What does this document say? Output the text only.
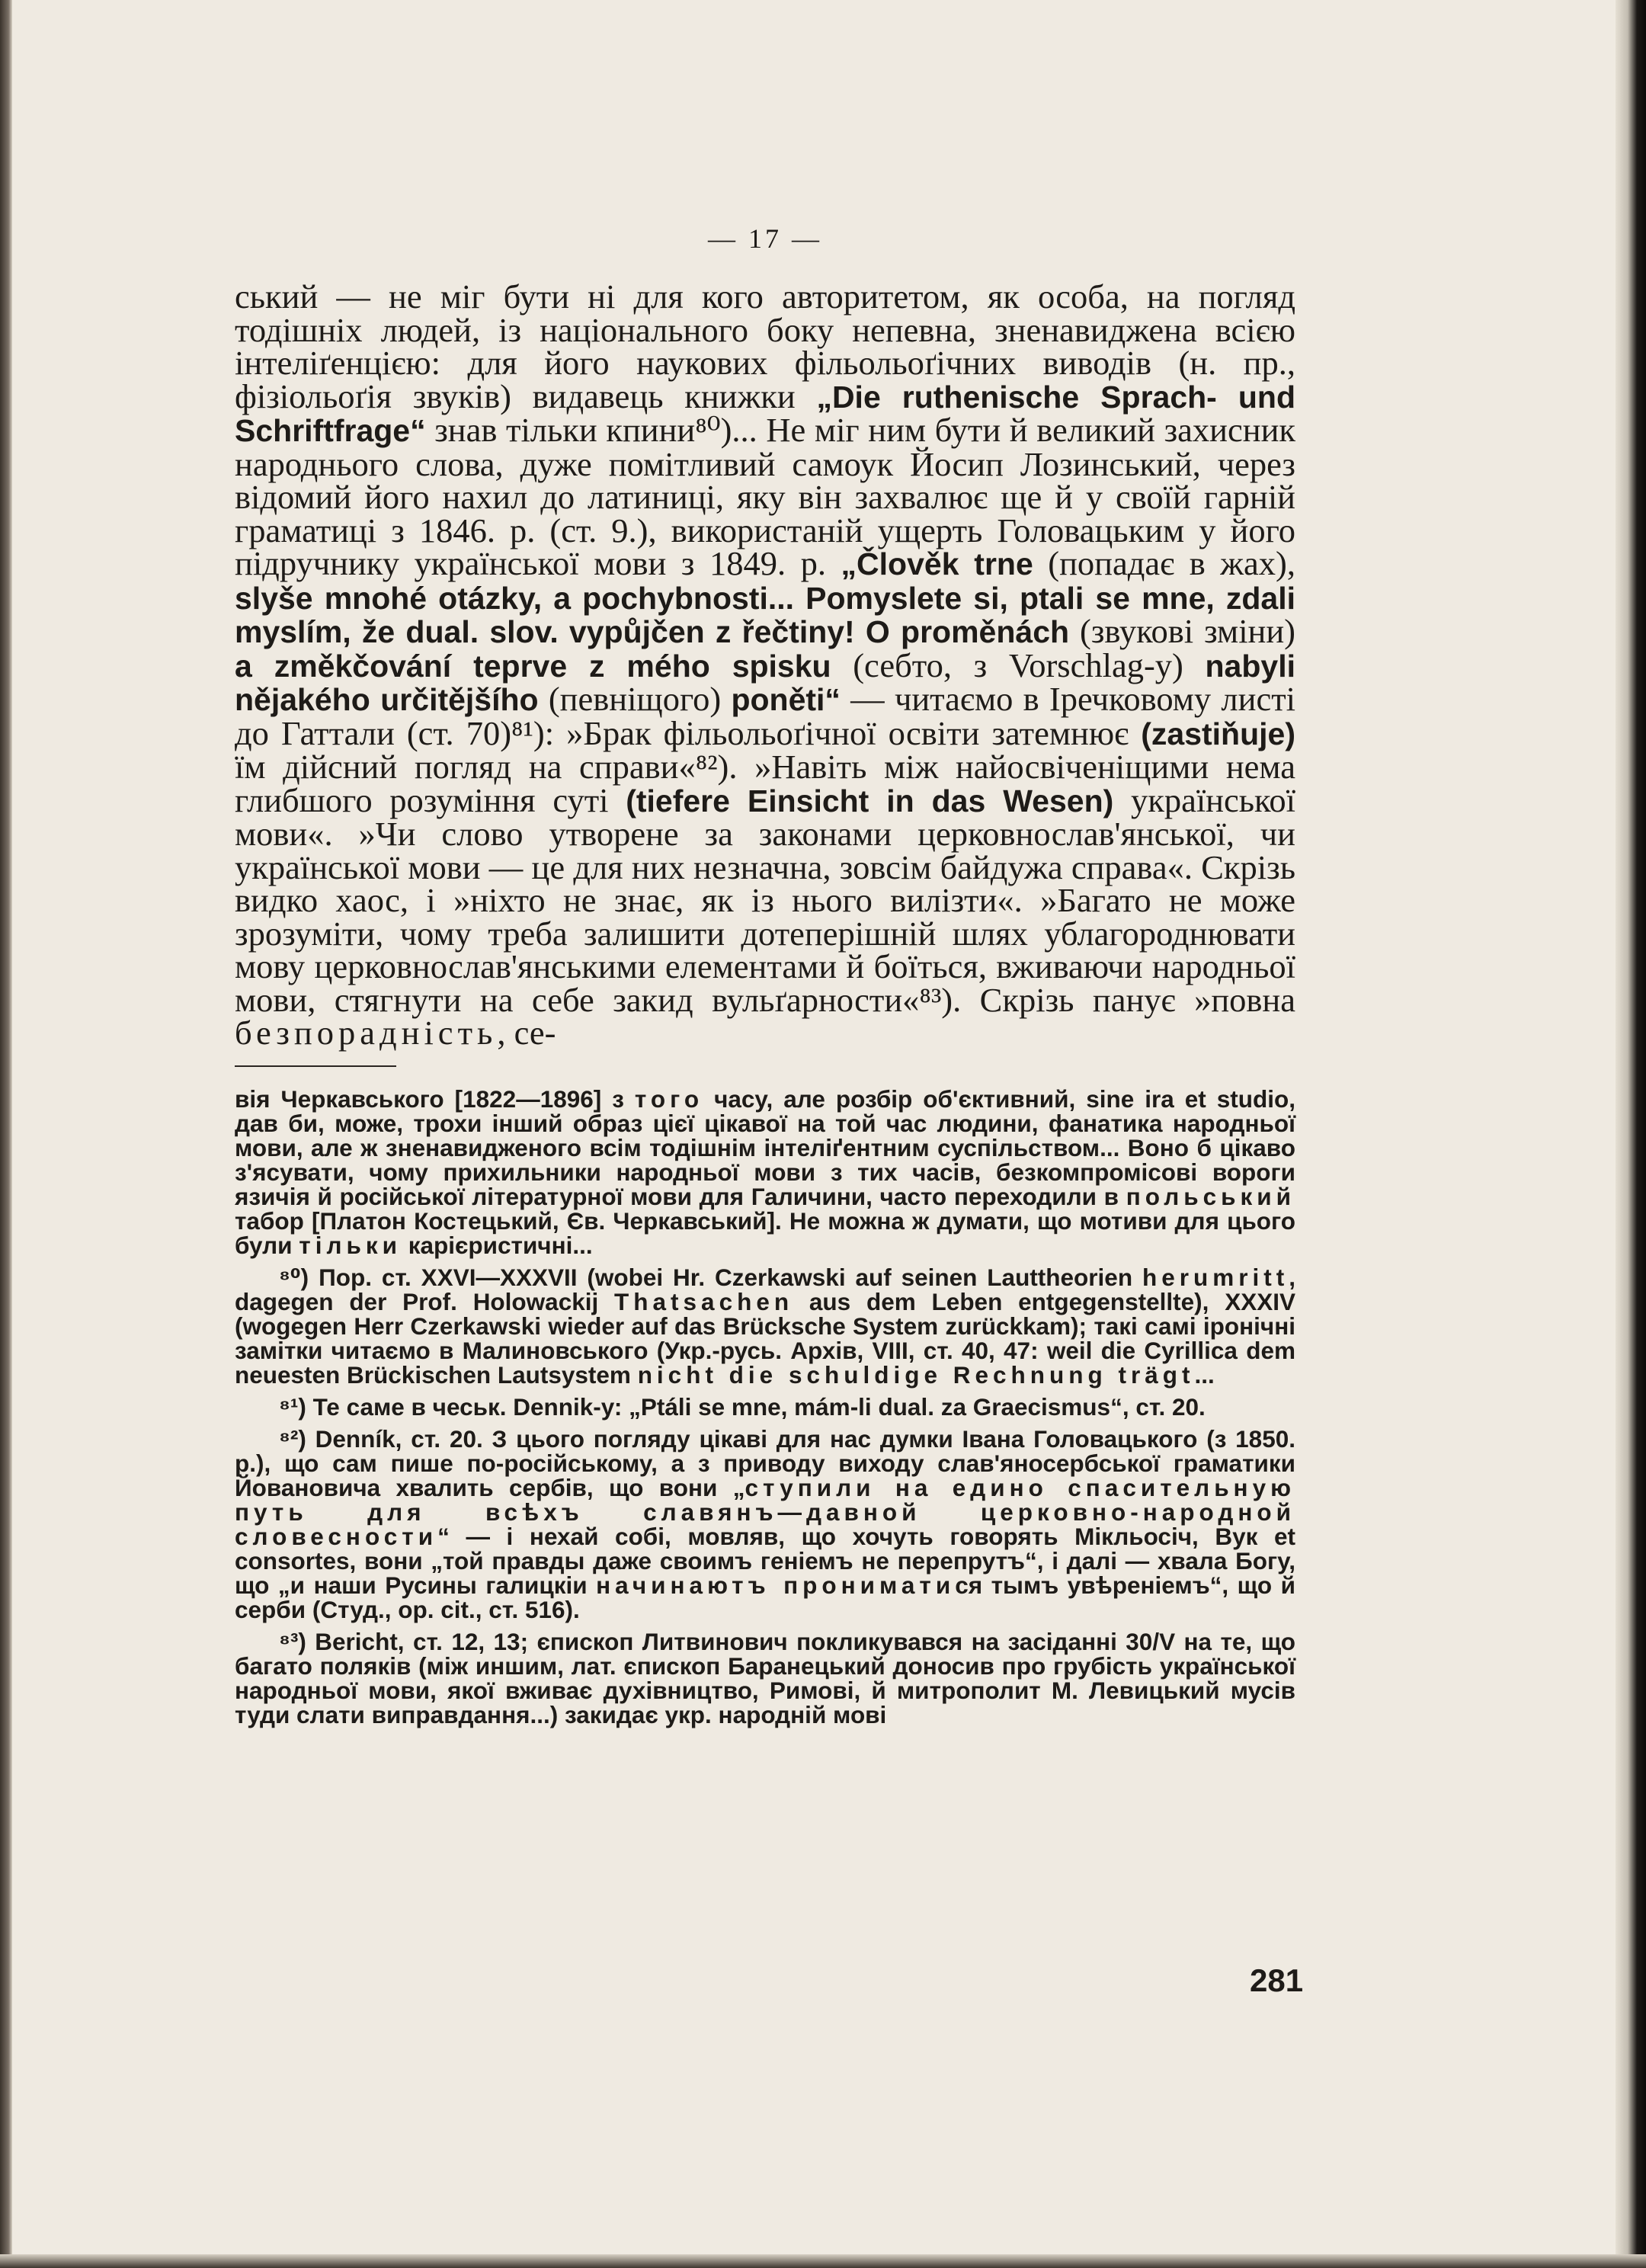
— 17 —

ський — не міг бути ні для кого авторитетом, як особа, на погляд тодішніх людей, із національного боку непевна, зненавиджена всією інтеліґенцією: для його наукових фільольоґічних виводів (н. пр., фізіольоґія звуків) видавець книжки „Die ruthenische Sprach- und Schriftfrage“ знав тільки кпини⁸⁰)... Не міг ним бути й великий захисник народнього слова, дуже помітливий самоук Йосип Лозинський, через відомий його нахил до латиниці, яку він захвалює ще й у своїй гарній граматиці з 1846. р. (ст. 9.), використаній ущерть Головацьким у його підручнику української мови з 1849. р. „Člověk trne (попадає в жах), slyše mnohé otázky, a pochybnosti... Pomyslete si, ptali se mne, zdali myslím, že dual. slov. vypůjčen z řečtiny! O proměnách (звукові зміни) a změkčování teprve z mého spisku (себто, з Vorschlag-у) nabyli nějakého určitějšího (певніщого) poněti“ — читаємо в Іречковому листі до Гаттали (ст. 70)⁸¹): »Брак фільольоґічної освіти затемнює (zastiňuje) їм дійсний погляд на справи«⁸²). »Навіть між найосвіченіщими нема глибшого розуміння суті (tiefere Einsicht in das Wesen) української мови«. »Чи слово утворене за законами церковнослав'янської, чи української мови — це для них незначна, зовсім байдужа справа«. Скрізь видко хаос, і »ніхто не знає, як із нього вилізти«. »Багато не може зрозуміти, чому треба залишити дотеперішній шлях ублагороднювати мову церковнослав'янськими елементами й боїться, вживаючи народньої мови, стягнути на себе закид вульґарности«⁸³). Скрізь панує »повна безпорадність, се-

вія Черкавського [1822—1896] з того часу, але розбір об'єктивний, sine ira et studio, дав би, може, трохи інший образ цієї цікавої на той час людини, фанатика народньої мови, але ж зненавидженого всім тодішнім інтеліґентним суспільством... Воно б цікаво з'ясувати, чому прихильники народньої мови з тих часів, безкомпромісові вороги язичія й російської літературної мови для Галичини, часто переходили в польський табор [Платон Костецький, Єв. Черкавський]. Не можна ж думати, що мотиви для цього були тільки карієристичні...

⁸⁰) Пор. ст. XXVI—XXXVII (wobei Hr. Czerkawski auf seinen Lauttheorien herumritt, dagegen der Prof. Holowackij Thatsachen aus dem Leben entgegenstellte), XXXIV (wogegen Herr Czerkawski wieder auf das Brücksche System zurückkam); такі самі іронічні замітки читаємо в Малиновського (Укр.-русь. Архів, VIII, ст. 40, 47: weil die Cyrillica dem neuesten Brückischen Lautsystem nicht die schuldige Rechnung trägt...

⁸¹) Те саме в чеськ. Dennik-у: „Ptáli se mne, mám-li dual. za Graecismus“, ст. 20.

⁸²) Denník, ст. 20. З цього погляду цікаві для нас думки Івана Головацького (з 1850. р.), що сам пише по-російському, а з приводу виходу слав'яносербської граматики Йовановича хвалить сербів, що вони „ступили на едино спасительную путь для всѣхъ славянъ—давной церковно-народной словесности“ — і нехай собі, мовляв, що хочуть говорять Мікльосіч, Вук et consortes, вони „той правды даже своимъ геніемъ не перепрутъ“, і далі — хвала Богу, що „и наши Русины галицкіи начинаютъ прониматися тымъ увѣреніемъ“, що й серби (Студ., op. cit., ст. 516).

⁸³) Bericht, ст. 12, 13; єпископ Литвинович покликувався на засіданні 30/V на те, що багато поляків (між иншим, лат. єпископ Баранецький доносив про грубість української народньої мови, якої вживає духівництво, Римові, й митрополит М. Левицький мусів туди слати виправдання...) закидає укр. народній мові

281
